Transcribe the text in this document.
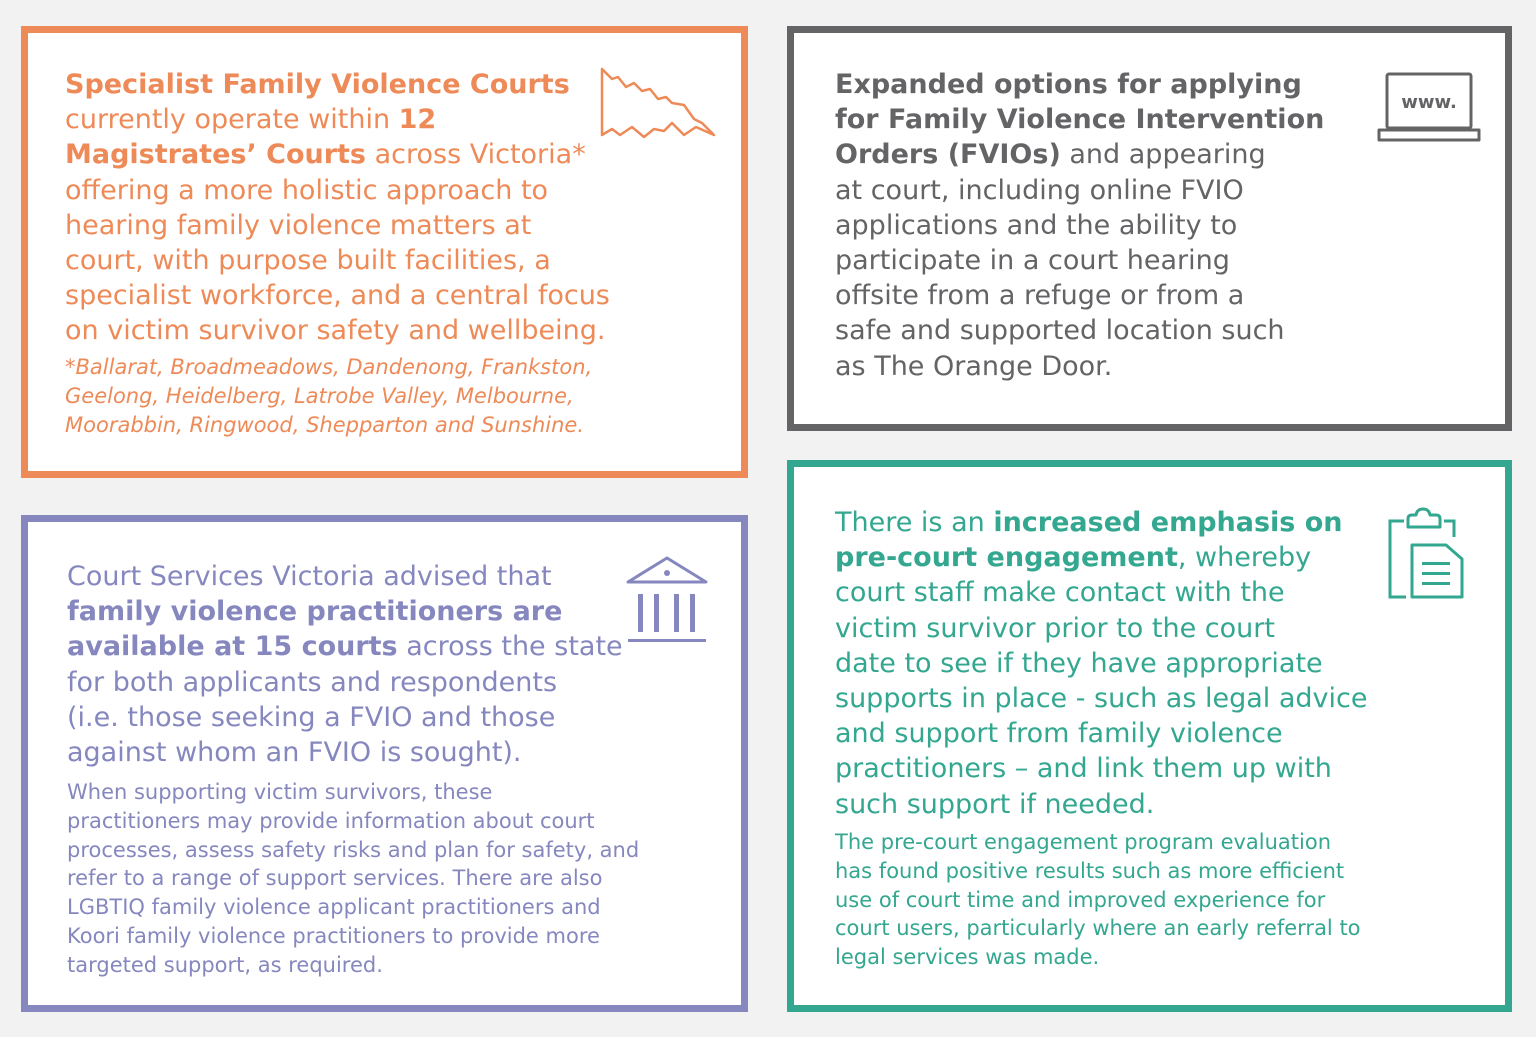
Specialist Family Violence Courts
currently operate within 12
Magistrates’ Courts across Victoria*
offering a more holistic approach to
hearing family violence matters at
court, with purpose built facilities, a
specialist workforce, and a central focus
on victim survivor safety and wellbeing.
*Ballarat, Broadmeadows, Dandenong, Frankston,
Geelong, Heidelberg, Latrobe Valley, Melbourne,
Moorabbin, Ringwood, Shepparton and Sunshine.
www.
Expanded options for applying
for Family Violence Intervention
Orders (FVIOs) and appearing
at court, including online FVIO
applications and the ability to
participate in a court hearing
offsite from a refuge or from a
safe and supported location such
as The Orange Door.
Court Services Victoria advised that
family violence practitioners are
available at 15 courts across the state
for both applicants and respondents
(i.e. those seeking a FVIO and those
against whom an FVIO is sought).
When supporting victim survivors, these
practitioners may provide information about court
processes, assess safety risks and plan for safety, and
refer to a range of support services. There are also
LGBTIQ family violence applicant practitioners and
Koori family violence practitioners to provide more
targeted support, as required.
There is an increased emphasis on
pre-court engagement, whereby
court staff make contact with the
victim survivor prior to the court
date to see if they have appropriate
supports in place - such as legal advice
and support from family violence
practitioners – and link them up with
such support if needed.
The pre-court engagement program evaluation
has found positive results such as more efficient
use of court time and improved experience for
court users, particularly where an early referral to
legal services was made.
